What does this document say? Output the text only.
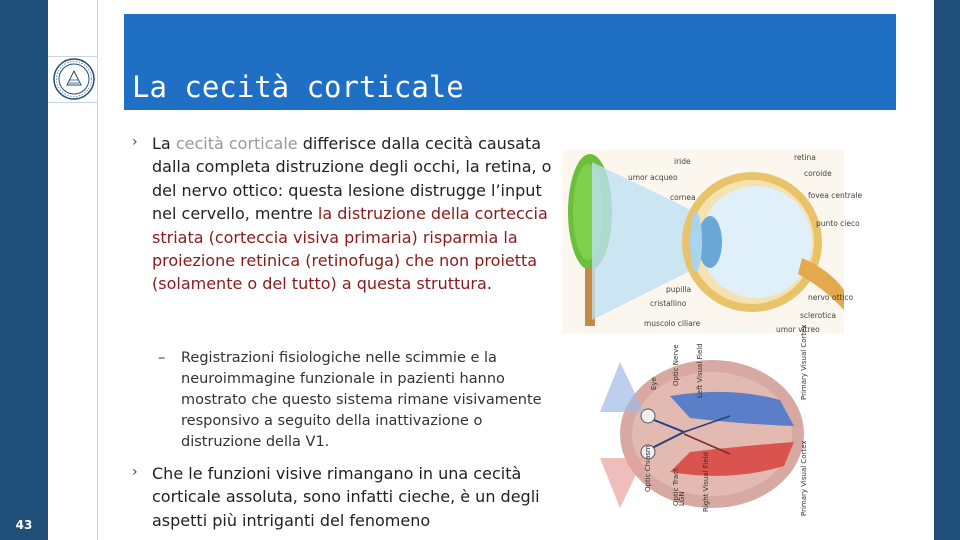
43
La cecità corticale
› La cecità corticale differisce dalla cecità causata dalla completa distruzione degli occhi, la retina, o del nervo ottico: questa lesione distrugge l’input nel cervello, mentre la distruzione della corteccia striata (corteccia visiva primaria) risparmia la proiezione retinica (retinofuga) che non proietta (solamente o del tutto) a questa struttura.
– Registrazioni fisiologiche nelle scimmie e la neuroimmagine funzionale in pazienti hanno mostrato che questo sistema rimane visivamente responsivo a seguito della inattivazione o distruzione della V1.
› Che le funzioni visive rimangano in una cecità corticale assoluta, sono infatti cieche, è un degli aspetti più intriganti del fenomeno
iride
umor acqueo
cornea
pupilla
cristallino
muscolo ciliare
retina
coroide
fovea centrale
punto cieco
nervo ottico
sclerotica
umor vitreo
Eye
Optic Chiasm
LGN
Optic Nerve Left Visual Field
Optic Tract	Right Visual Field
Primary Visual Cortex
Primary Visual Cortex
